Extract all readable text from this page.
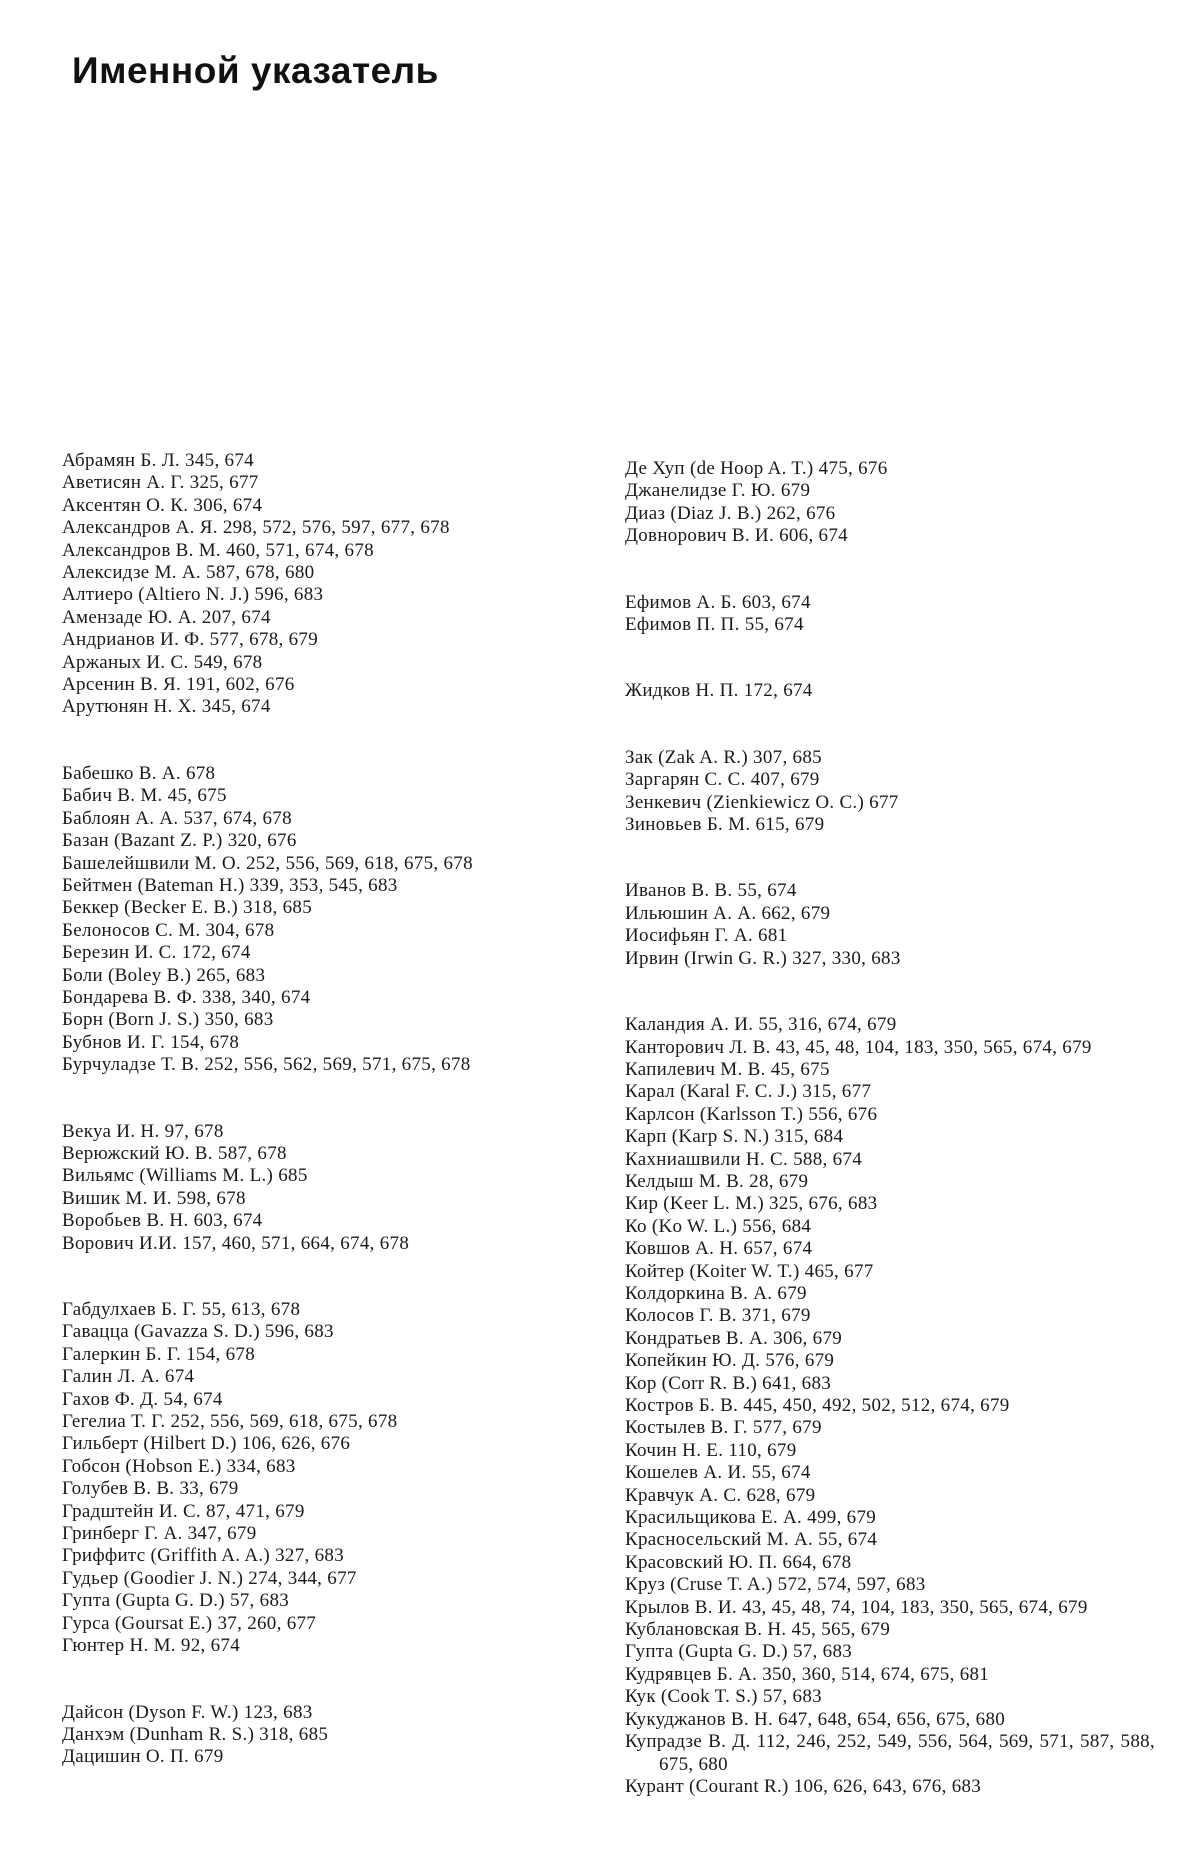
Именной указатель

Абрамян Б. Л. 345, 674

Аветисян А. Г. 325, 677

Аксентян О. К. 306, 674

Александров А. Я. 298, 572, 576, 597, 677, 678

Александров В. М. 460, 571, 674, 678

Алексидзе М. А. 587, 678, 680

Алтиеро (Altiero N. J.) 596, 683

Амензаде Ю. А. 207, 674

Андрианов И. Ф. 577, 678, 679

Аржаных И. С. 549, 678

Арсенин В. Я. 191, 602, 676

Арутюнян Н. Х. 345, 674

Бабешко В. А. 678

Бабич В. М. 45, 675

Баблоян А. А. 537, 674, 678

Базан (Bazant Z. P.) 320, 676

Башелейшвили М. О. 252, 556, 569, 618, 675, 678

Бейтмен (Bateman H.) 339, 353, 545, 683

Беккер (Becker E. B.) 318, 685

Белоносов С. М. 304, 678

Березин И. С. 172, 674

Боли (Boley B.) 265, 683

Бондарева В. Ф. 338, 340, 674

Борн (Born J. S.) 350, 683

Бубнов И. Г. 154, 678

Бурчуладзе Т. В. 252, 556, 562, 569, 571, 675, 678

Векуа И. Н. 97, 678

Верюжский Ю. В. 587, 678

Вильямс (Williams M. L.) 685

Вишик М. И. 598, 678

Воробьев В. Н. 603, 674

Ворович И.И. 157, 460, 571, 664, 674, 678

Габдулхаев Б. Г. 55, 613, 678

Гавацца (Gavazza S. D.) 596, 683

Галеркин Б. Г. 154, 678

Галин Л. А. 674

Гахов Ф. Д. 54, 674

Гегелиа Т. Г. 252, 556, 569, 618, 675, 678

Гильберт (Hilbert D.) 106, 626, 676

Гобсон (Hobson E.) 334, 683

Голубев В. В. 33, 679

Градштейн И. С. 87, 471, 679

Гринберг Г. А. 347, 679

Гриффитс (Griffith A. A.) 327, 683

Гудьер (Goodier J. N.) 274, 344, 677

Гупта (Gupta G. D.) 57, 683

Гурса (Goursat E.) 37, 260, 677

Гюнтер Н. М. 92, 674

Дайсон (Dyson F. W.) 123, 683

Данхэм (Dunham R. S.) 318, 685

Дацишин О. П. 679

Де Хуп (de Hoop A. T.) 475, 676

Джанелидзе Г. Ю. 679

Диаз (Diaz J. B.) 262, 676

Довнорович В. И. 606, 674

Ефимов А. Б. 603, 674

Ефимов П. П. 55, 674

Жидков Н. П. 172, 674

Зак (Zak A. R.) 307, 685

Заргарян С. С. 407, 679

Зенкевич (Zienkiewicz O. C.) 677

Зиновьев Б. М. 615, 679

Иванов В. В. 55, 674

Ильюшин А. А. 662, 679

Иосифьян Г. А. 681

Ирвин (Irwin G. R.) 327, 330, 683

Каландия А. И. 55, 316, 674, 679

Канторович Л. В. 43, 45, 48, 104, 183, 350, 565, 674, 679

Капилевич М. В. 45, 675

Карал (Karal F. C. J.) 315, 677

Карлсон (Karlsson T.) 556, 676

Карп (Karp S. N.) 315, 684

Кахниашвили Н. С. 588, 674

Келдыш М. В. 28, 679

Кир (Keer L. M.) 325, 676, 683

Ко (Ko W. L.) 556, 684

Ковшов А. Н. 657, 674

Койтер (Koiter W. T.) 465, 677

Колдоркина В. А. 679

Колосов Г. В. 371, 679

Кондратьев В. А. 306, 679

Копейкин Ю. Д. 576, 679

Кор (Corr R. B.) 641, 683

Костров Б. В. 445, 450, 492, 502, 512, 674, 679

Костылев В. Г. 577, 679

Кочин Н. Е. 110, 679

Кошелев А. И. 55, 674

Кравчук А. С. 628, 679

Красильщикова Е. А. 499, 679

Красносельский М. А. 55, 674

Красовский Ю. П. 664, 678

Круз (Cruse T. A.) 572, 574, 597, 683

Крылов В. И. 43, 45, 48, 74, 104, 183, 350, 565, 674, 679

Кублановская В. Н. 45, 565, 679

Гупта (Gupta G. D.) 57, 683

Кудрявцев Б. А. 350, 360, 514, 674, 675, 681

Кук (Cook T. S.) 57, 683

Кукуджанов В. Н. 647, 648, 654, 656, 675, 680

Купрадзе В. Д. 112, 246, 252, 549, 556, 564, 569, 571, 587, 588, 675, 680

Курант (Courant R.) 106, 626, 643, 676, 683
